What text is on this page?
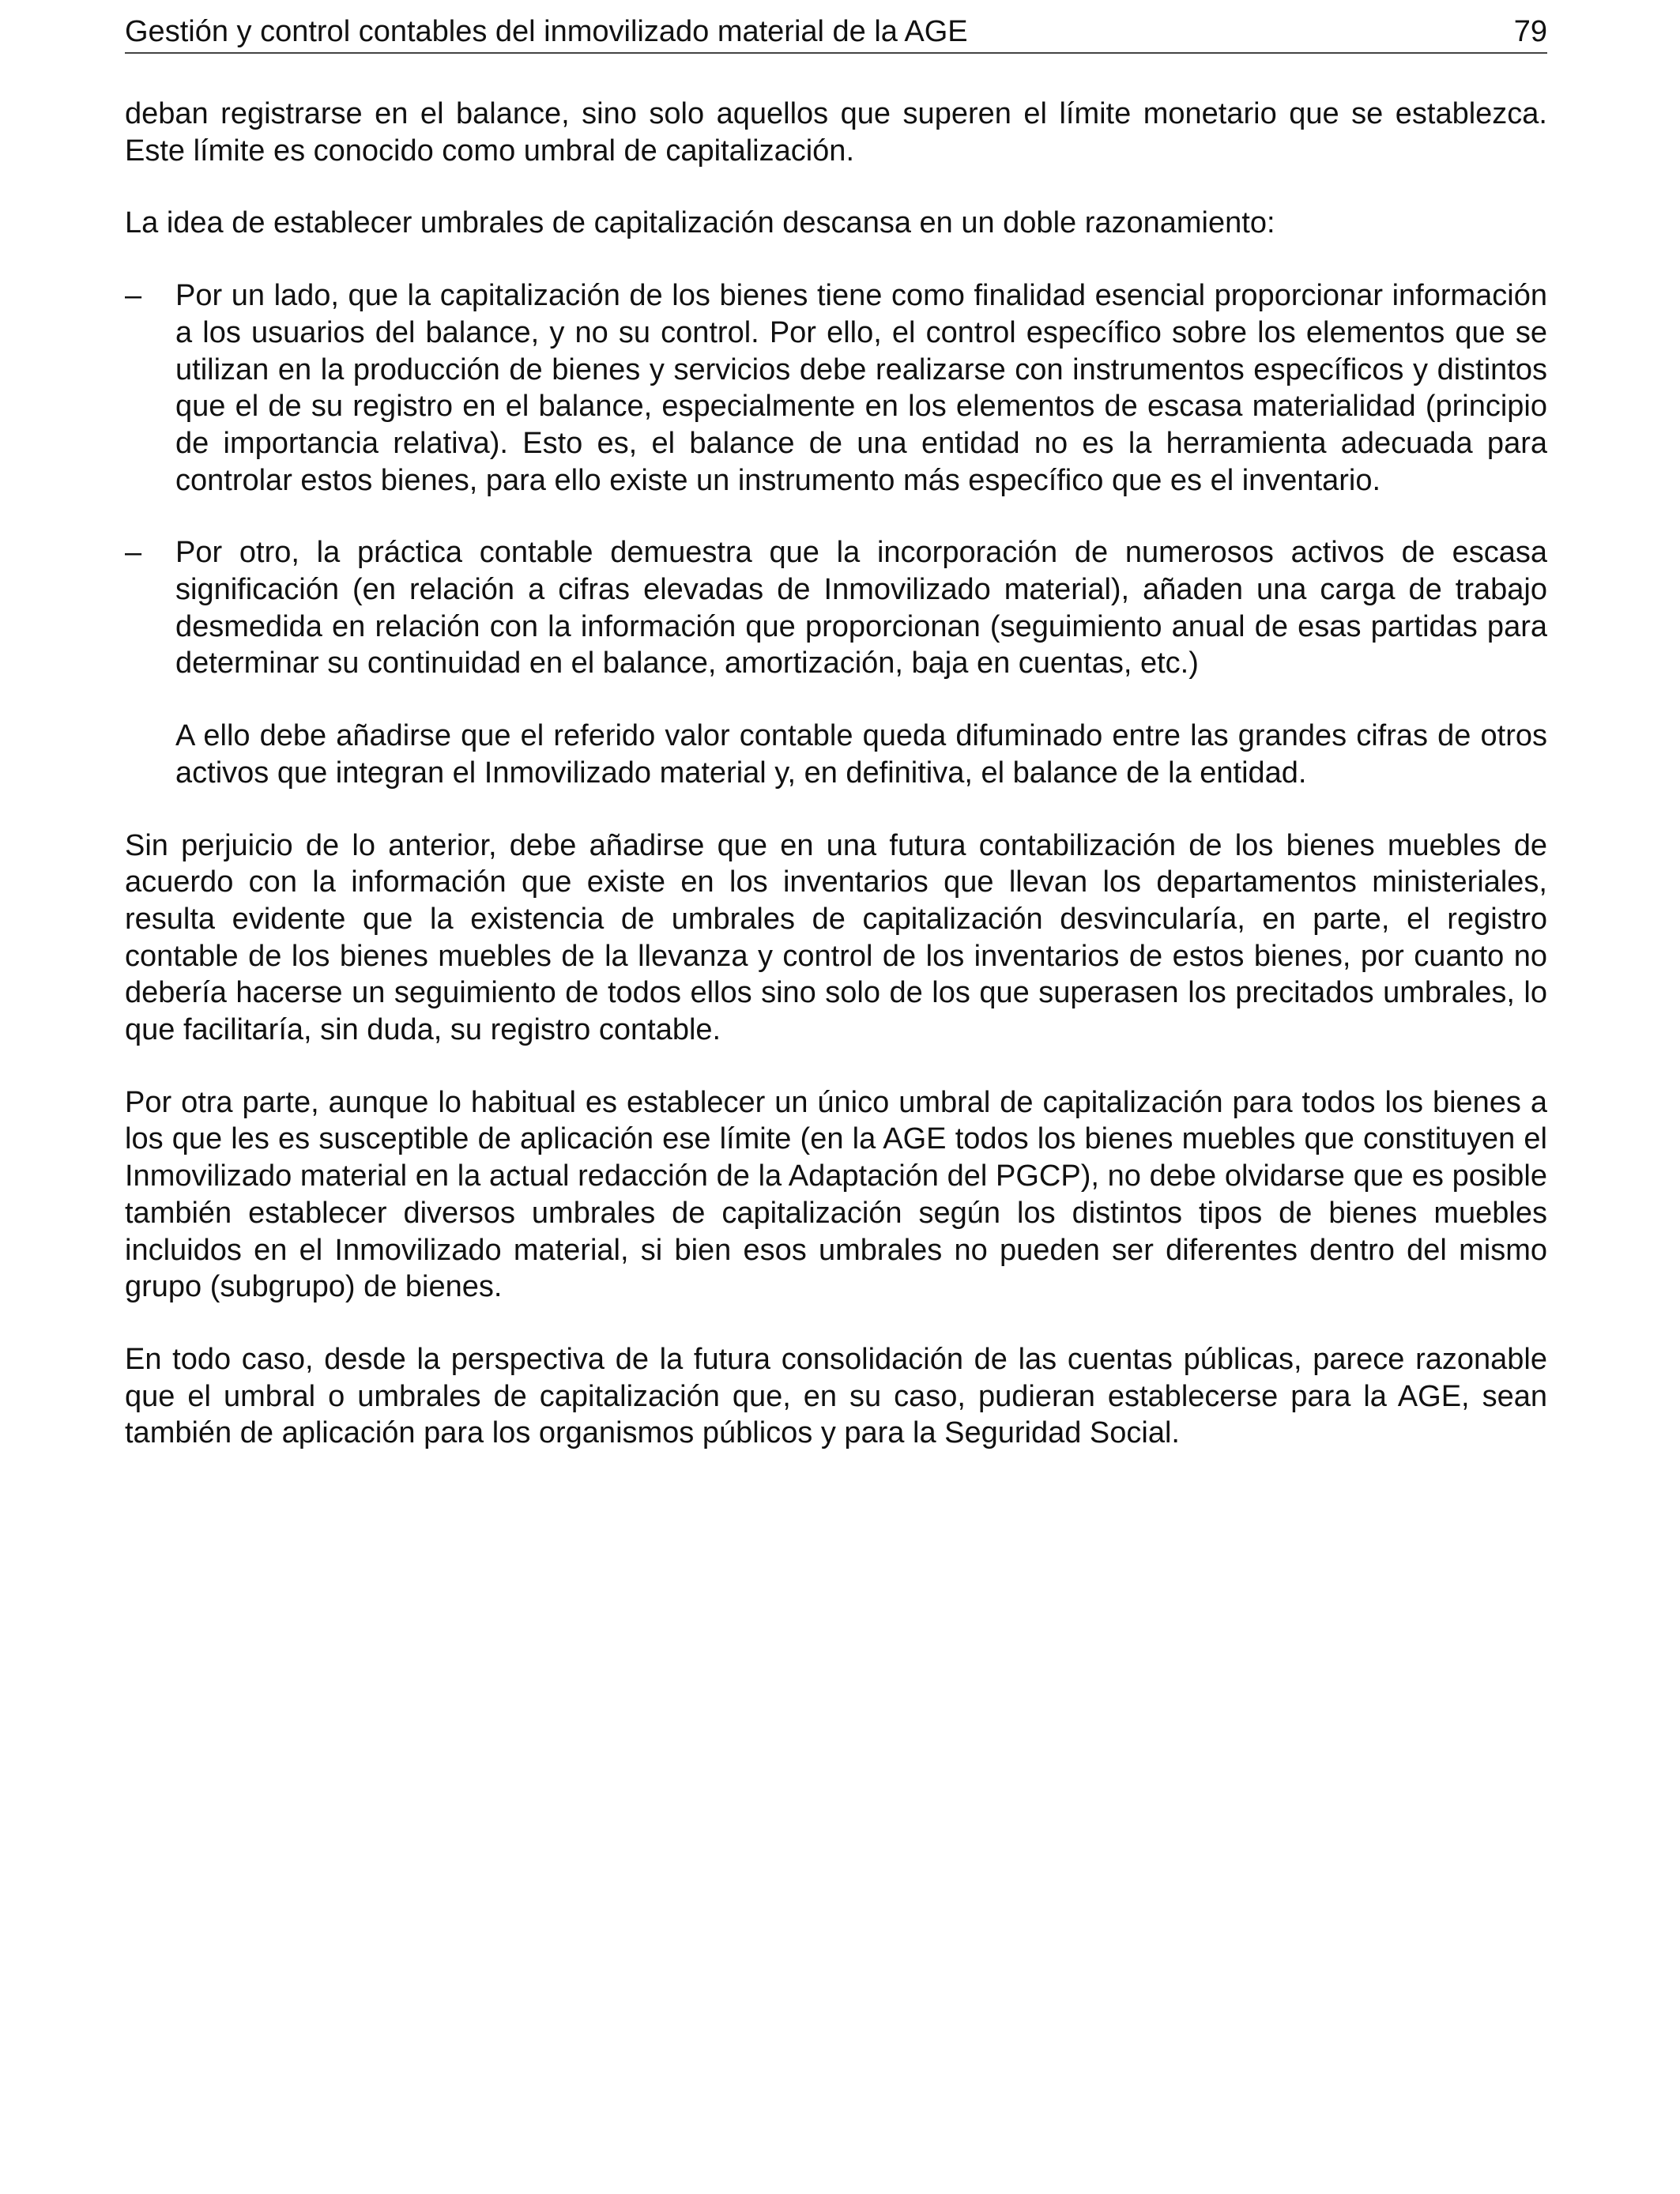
Gestión y control contables del inmovilizado material de la AGE	79

deban registrarse en el balance, sino solo aquellos que superen el límite monetario que se establezca. Este límite es conocido como umbral de capitalización.

La idea de establecer umbrales de capitalización descansa en un doble razonamiento:

– Por un lado, que la capitalización de los bienes tiene como finalidad esencial proporcionar información a los usuarios del balance, y no su control. Por ello, el control específico sobre los elementos que se utilizan en la producción de bienes y servicios debe realizarse con instrumentos específicos y distintos que el de su registro en el balance, especialmente en los elementos de escasa materialidad (principio de importancia relativa). Esto es, el balance de una entidad no es la herramienta adecuada para controlar estos bienes, para ello existe un instrumento más específico que es el inventario.

– Por otro, la práctica contable demuestra que la incorporación de numerosos activos de escasa significación (en relación a cifras elevadas de Inmovilizado material), añaden una carga de trabajo desmedida en relación con la información que proporcionan (seguimiento anual de esas partidas para determinar su continuidad en el balance, amortización, baja en cuentas, etc.)

A ello debe añadirse que el referido valor contable queda difuminado entre las grandes cifras de otros activos que integran el Inmovilizado material y, en definitiva, el balance de la entidad.

Sin perjuicio de lo anterior, debe añadirse que en una futura contabilización de los bienes muebles de acuerdo con la información que existe en los inventarios que llevan los departamentos ministeriales, resulta evidente que la existencia de umbrales de capitalización desvincularía, en parte, el registro contable de los bienes muebles de la llevanza y control de los inventarios de estos bienes, por cuanto no debería hacerse un seguimiento de todos ellos sino solo de los que superasen los precitados umbrales, lo que facilitaría, sin duda, su registro contable.

Por otra parte, aunque lo habitual es establecer un único umbral de capitalización para todos los bienes a los que les es susceptible de aplicación ese límite (en la AGE todos los bienes muebles que constituyen el Inmovilizado material en la actual redacción de la Adaptación del PGCP), no debe olvidarse que es posible también establecer diversos umbrales de capitalización según los distintos tipos de bienes muebles incluidos en el Inmovilizado material, si bien esos umbrales no pueden ser diferentes dentro del mismo grupo (subgrupo) de bienes.

En todo caso, desde la perspectiva de la futura consolidación de las cuentas públicas, parece razonable que el umbral o umbrales de capitalización que, en su caso, pudieran establecerse para la AGE, sean también de aplicación para los organismos públicos y para la Seguridad Social.
